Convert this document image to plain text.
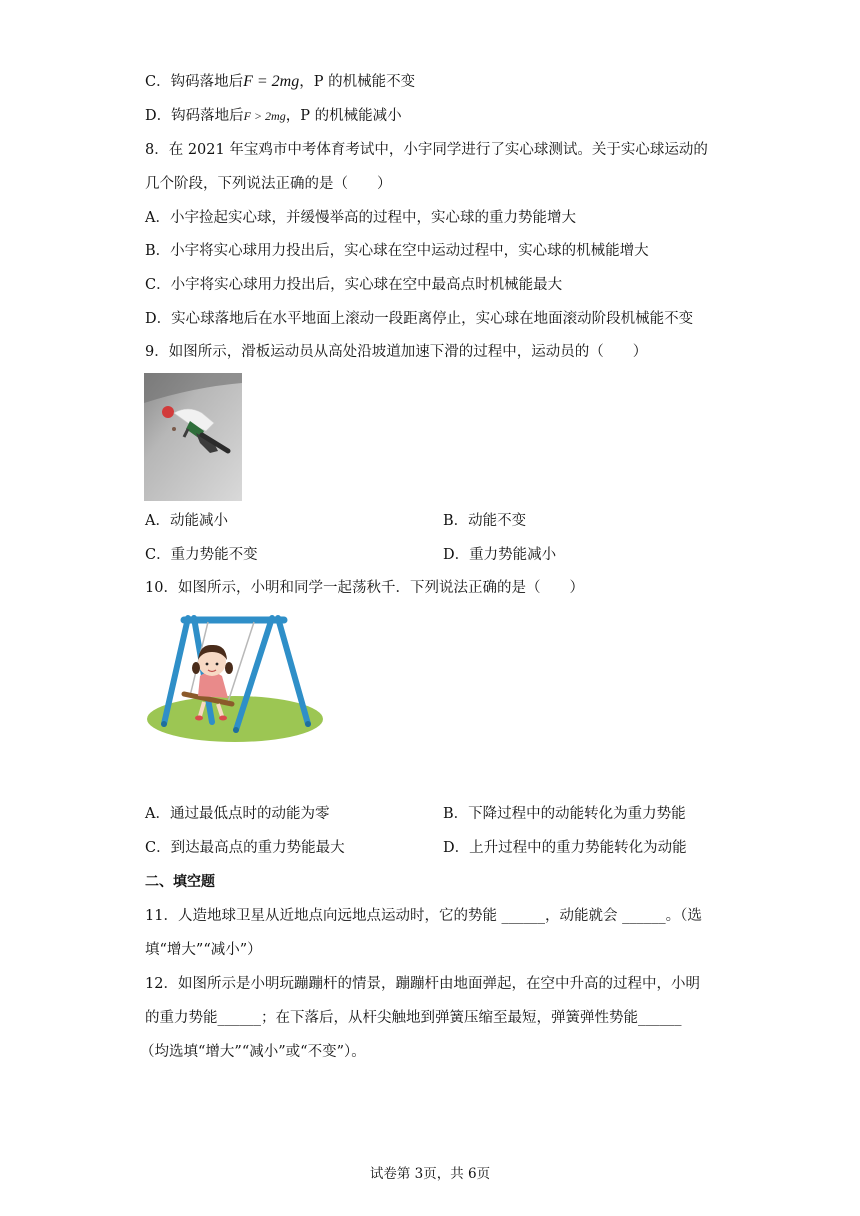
C．钩码落地后F = 2mg，P 的机械能不变
D．钩码落地后F > 2mg，P 的机械能减小
8．在 2021 年宝鸡市中考体育考试中，小宇同学进行了实心球测试。关于实心球运动的
几个阶段，下列说法正确的是（　　）
A．小宇捡起实心球，并缓慢举高的过程中，实心球的重力势能增大
B．小宇将实心球用力投出后，实心球在空中运动过程中，实心球的机械能增大
C．小宇将实心球用力投出后，实心球在空中最高点时机械能最大
D．实心球落地后在水平地面上滚动一段距离停止，实心球在地面滚动阶段机械能不变
9．如图所示，滑板运动员从高处沿坡道加速下滑的过程中，运动员的（　　）
A．动能减小	B．动能不变
C．重力势能不变	D．重力势能减小
10．如图所示，小明和同学一起荡秋千．下列说法正确的是（　　）
A．通过最低点时的动能为零	B．下降过程中的动能转化为重力势能
C．到达最高点的重力势能最大	D．上升过程中的重力势能转化为动能
二、填空题
11．人造地球卫星从近地点向远地点运动时，它的势能 ______，动能就会 ______。（选
填“增大”“减小”）
12．如图所示是小明玩蹦蹦杆的情景，蹦蹦杆由地面弹起，在空中升高的过程中，小明
的重力势能______；在下落后，从杆尖触地到弹簧压缩至最短，弹簧弹性势能______
（均选填“增大”“减小”或“不变”）。
试卷第 3页，共 6页
